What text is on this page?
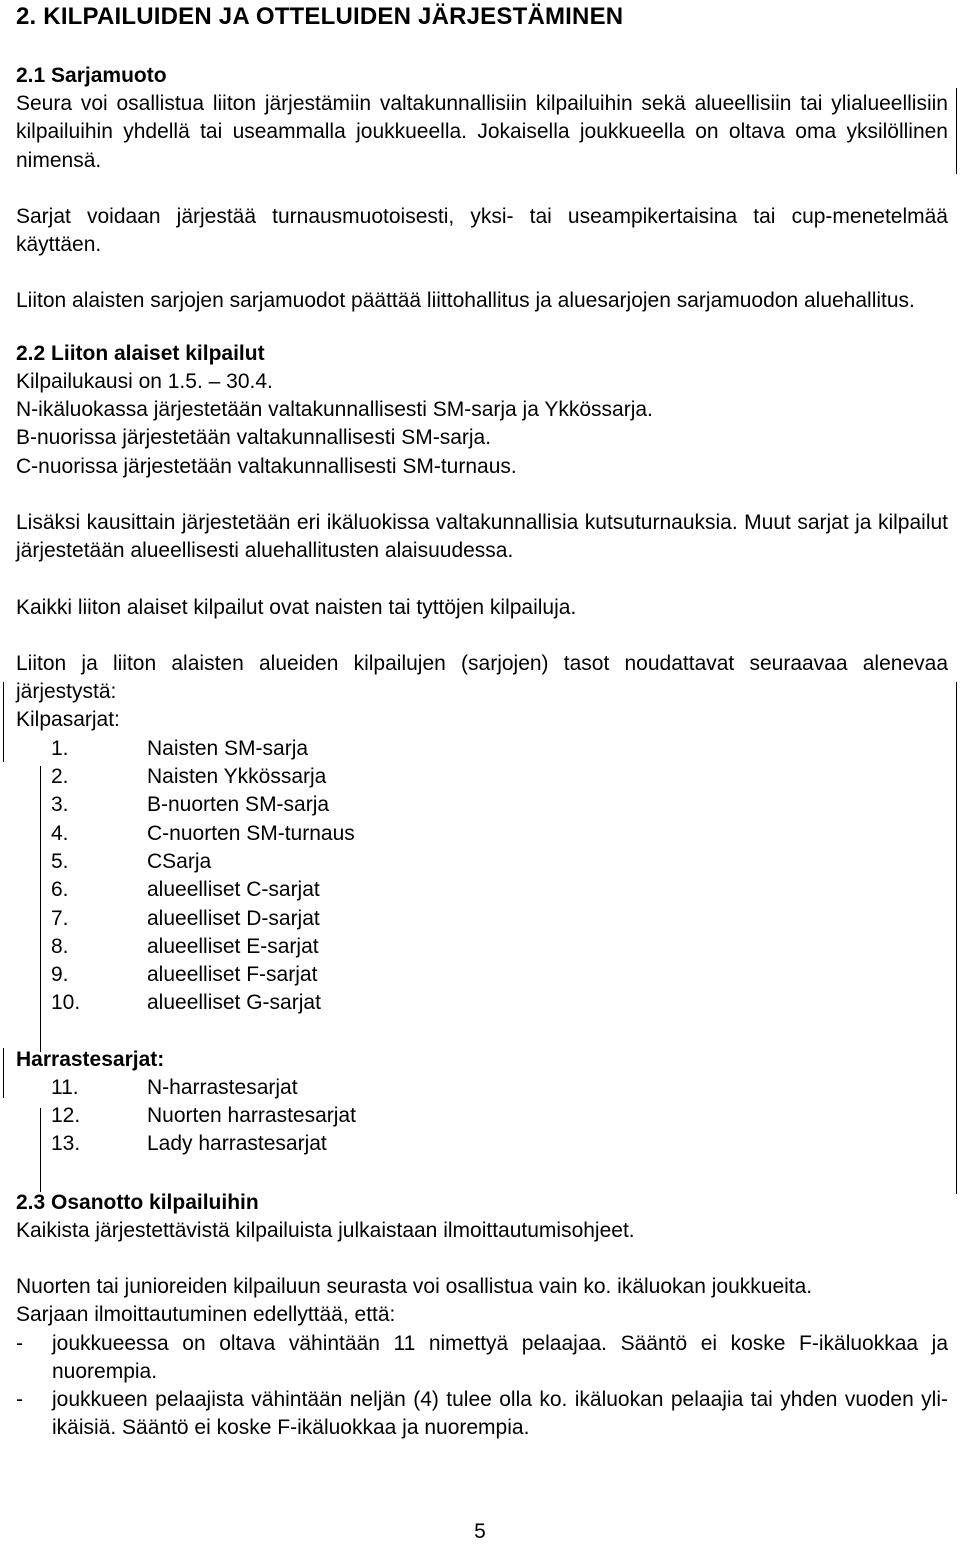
2. KILPAILUIDEN JA OTTELUIDEN JÄRJESTÄMINEN
2.1 Sarjamuoto

Seura voi osallistua liiton järjestämiin valtakunnallisiin kilpailuihin sekä alueellisiin tai ylialueellisiin kilpailuihin yhdellä tai useammalla joukkueella. Jokaisella joukkueella on oltava oma yksilöllinen nimensä.

Sarjat voidaan järjestää turnausmuotoisesti, yksi- tai useampikertaisina tai cup-menetelmää käyttäen.

Liiton alaisten sarjojen sarjamuodot päättää liittohallitus ja aluesarjojen sarjamuodon aluehallitus.

2.2 Liiton alaiset kilpailut

Kilpailukausi on 1.5. – 30.4.

N-ikäluokassa järjestetään valtakunnallisesti SM-sarja ja Ykkössarja.

B-nuorissa järjestetään valtakunnallisesti SM-sarja.

C-nuorissa järjestetään valtakunnallisesti SM-turnaus.

Lisäksi kausittain järjestetään eri ikäluokissa valtakunnallisia kutsuturnauksia. Muut sarjat ja kilpailut järjestetään alueellisesti aluehallitusten alaisuudessa.

Kaikki liiton alaiset kilpailut ovat naisten tai tyttöjen kilpailuja.

Liiton ja liiton alaisten alueiden kilpailujen (sarjojen) tasot noudattavat seuraavaa alenevaa järjestystä:

Kilpasarjat:

1.	Naisten SM-sarja
2.	Naisten Ykkössarja
3.	B-nuorten SM-sarja
4.	C-nuorten SM-turnaus
5.	CSarja
6.	alueelliset C-sarjat
7.	alueelliset D-sarjat
8.	alueelliset E-sarjat
9.	alueelliset F-sarjat
10.	alueelliset G-sarjat

Harrastesarjat:

11.	N-harrastesarjat
12.	Nuorten harrastesarjat
13.	Lady harrastesarjat
2.3 Osanotto kilpailuihin

Kaikista järjestettävistä kilpailuista julkaistaan ilmoittautumisohjeet.

Nuorten tai junioreiden kilpailuun seurasta voi osallistua vain ko. ikäluokan joukkueita.

Sarjaan ilmoittautuminen edellyttää, että:

-	joukkueessa on oltava vähintään 11 nimettyä pelaajaa. Sääntö ei koske F-ikäluokkaa ja nuorempia.
-	joukkueen pelaajista vähintään neljän (4) tulee olla ko. ikäluokan pelaajia tai yhden vuoden yli-ikäisiä. Sääntö ei koske F-ikäluokkaa ja nuorempia.
5
